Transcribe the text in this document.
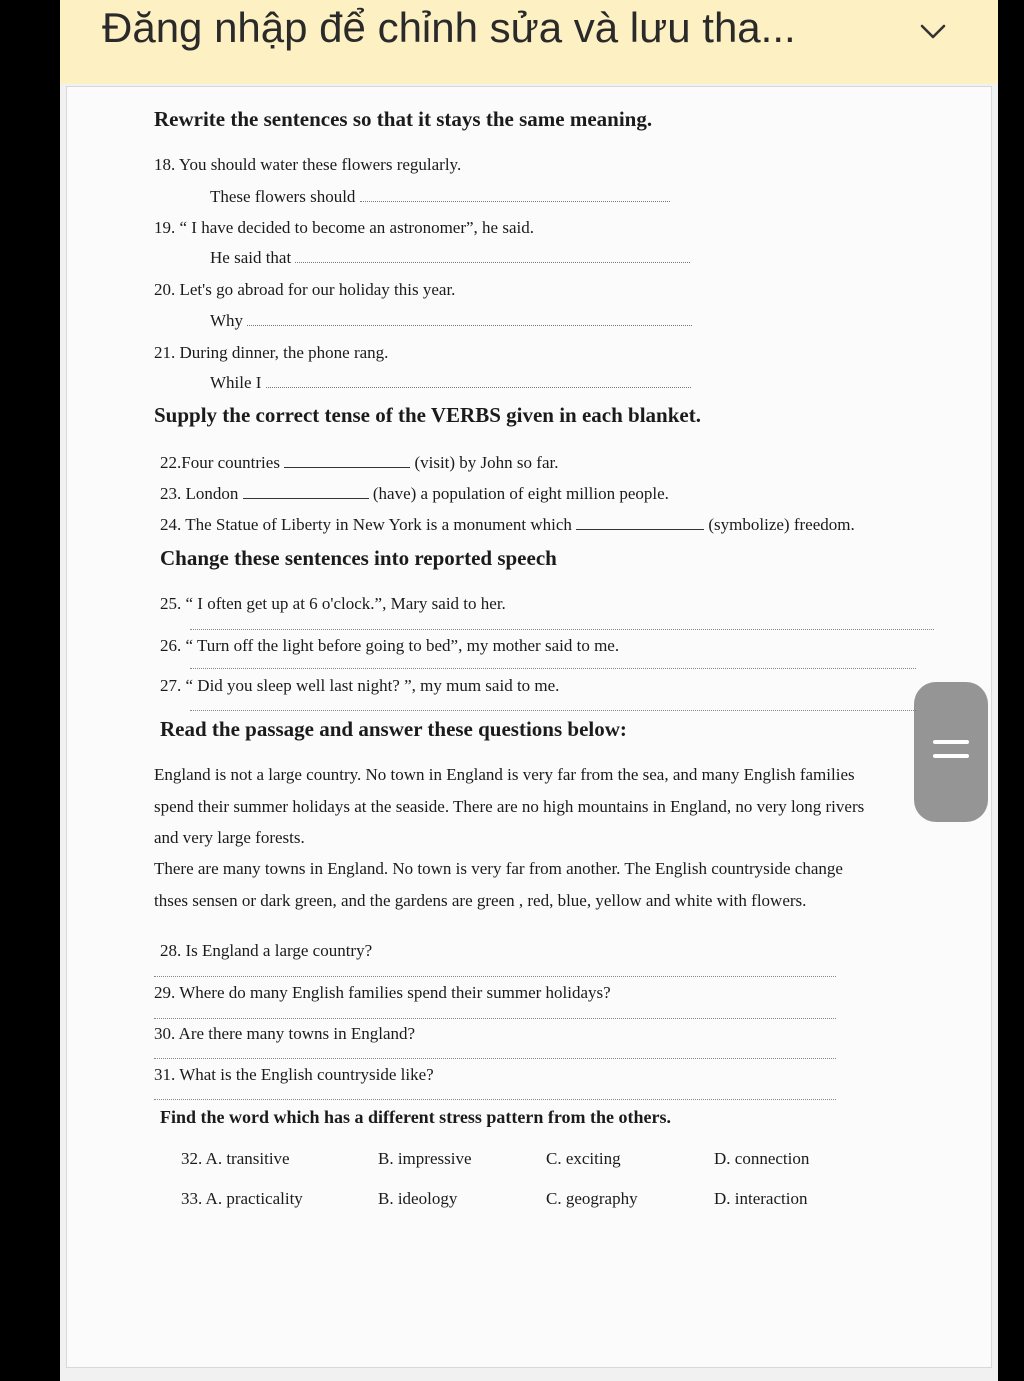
Đăng nhập để chỉnh sửa và lưu tha...
Rewrite the sentences so that it stays the same meaning.
18. You should water these flowers regularly.
These flowers should
19. “ I have decided to become an astronomer”, he said.
He said that
20. Let's go abroad for our holiday this year.
Why
21. During dinner, the phone rang.
While I
Supply the correct tense of the VERBS given in each blanket.
22.Four countries	(visit) by John so far.
23. London	(have) a population of eight million people.
24. The Statue of Liberty in New York is a monument which	(symbolize) freedom.
Change these sentences into reported speech
25. “ I often get up at 6 o'clock.”, Mary said to her.
26. “ Turn off the light before going to bed”, my mother said to me.
27. “ Did you sleep well last night? ”, my mum said to me.
Read the passage and answer these questions below:
England is not a large country. No town in England is very far from the sea, and many English families
spend their summer holidays at the seaside. There are no high mountains in England, no very long rivers
and very large forests.
There are many towns in England. No town is very far from another. The English countryside change
thses sensen or dark green, and the gardens are green , red, blue, yellow and white with flowers.
28. Is England a large country?
29. Where do many English families spend their summer holidays?
30. Are there many towns in England?
31. What is the English countryside like?
Find the word which has a different stress pattern from the others.
32. A. transitive	B. impressive	C. exciting	D. connection
33. A. practicality	B. ideology	C. geography	D. interaction
